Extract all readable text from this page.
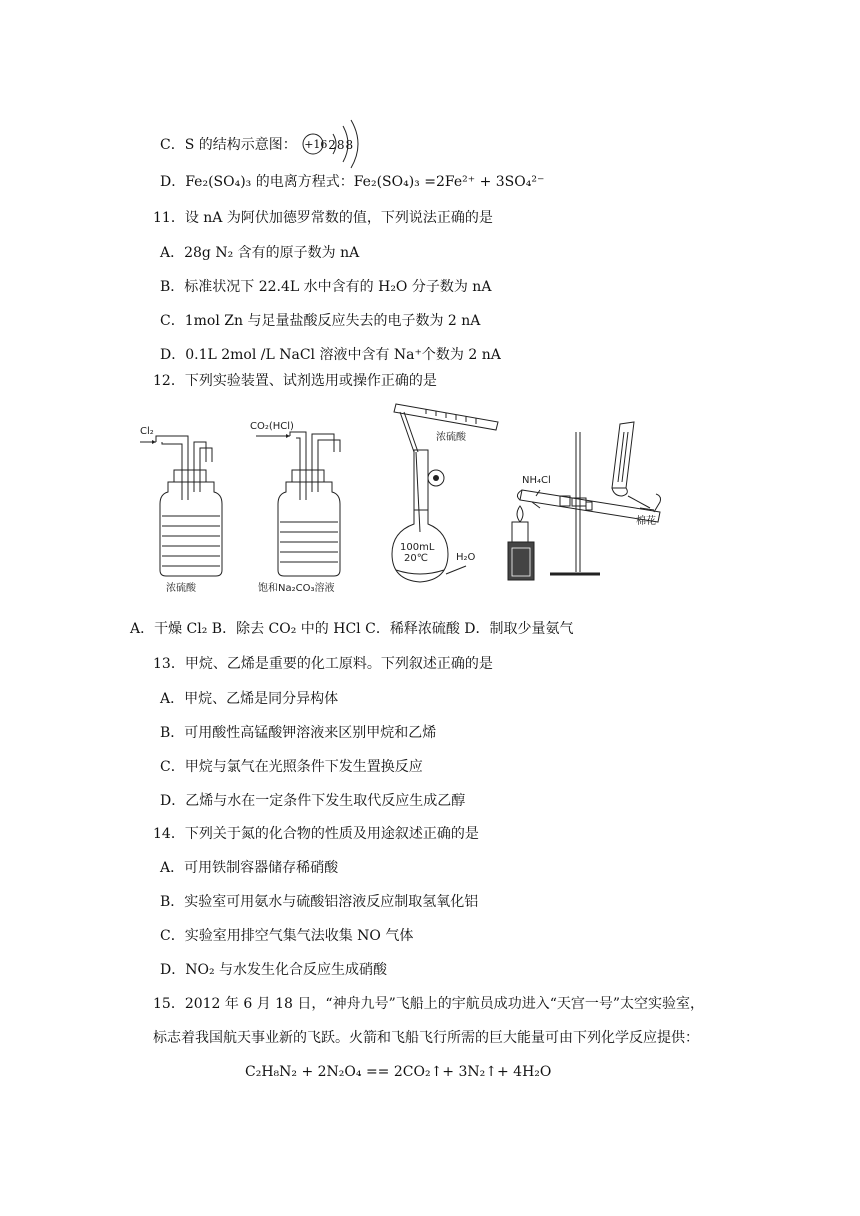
C．S 的结构示意图： +16 288
D．Fe₂(SO₄)₃ 的电离方程式：Fe₂(SO₄)₃ =2Fe²⁺ + 3SO₄²⁻
11．设 nA 为阿伏加德罗常数的值，下列说法正确的是
A．28g N₂ 含有的原子数为 nA
B．标准状况下 22.4L 水中含有的 H₂O 分子数为 nA
C．1mol Zn 与足量盐酸反应失去的电子数为 2 nA
D．0.1L 2mol /L NaCl 溶液中含有 Na⁺个数为 2 nA
12．下列实验装置、试剂选用或操作正确的是
Cl₂
浓硫酸
CO₂(HCl)
饱和Na₂CO₃溶液
浓硫酸
100mL
20℃	H₂O
NH₄Cl
棉花
A．干燥 Cl₂ B．除去 CO₂ 中的 HCl C．稀释浓硫酸 D．制取少量氨气
13．甲烷、乙烯是重要的化工原料。下列叙述正确的是
A．甲烷、乙烯是同分异构体
B．可用酸性高锰酸钾溶液来区别甲烷和乙烯
C．甲烷与氯气在光照条件下发生置换反应
D．乙烯与水在一定条件下发生取代反应生成乙醇
14．下列关于氮的化合物的性质及用途叙述正确的是
A．可用铁制容器储存稀硝酸
B．实验室可用氨水与硫酸铝溶液反应制取氢氧化铝
C．实验室用排空气集气法收集 NO 气体
D．NO₂ 与水发生化合反应生成硝酸
15．2012 年 6 月 18 日，“神舟九号”飞船上的宇航员成功进入“天宫一号”太空实验室，
标志着我国航天事业新的飞跃。火箭和飞船飞行所需的巨大能量可由下列化学反应提供：
C₂H₈N₂ + 2N₂O₄ == 2CO₂↑+ 3N₂↑+ 4H₂O
